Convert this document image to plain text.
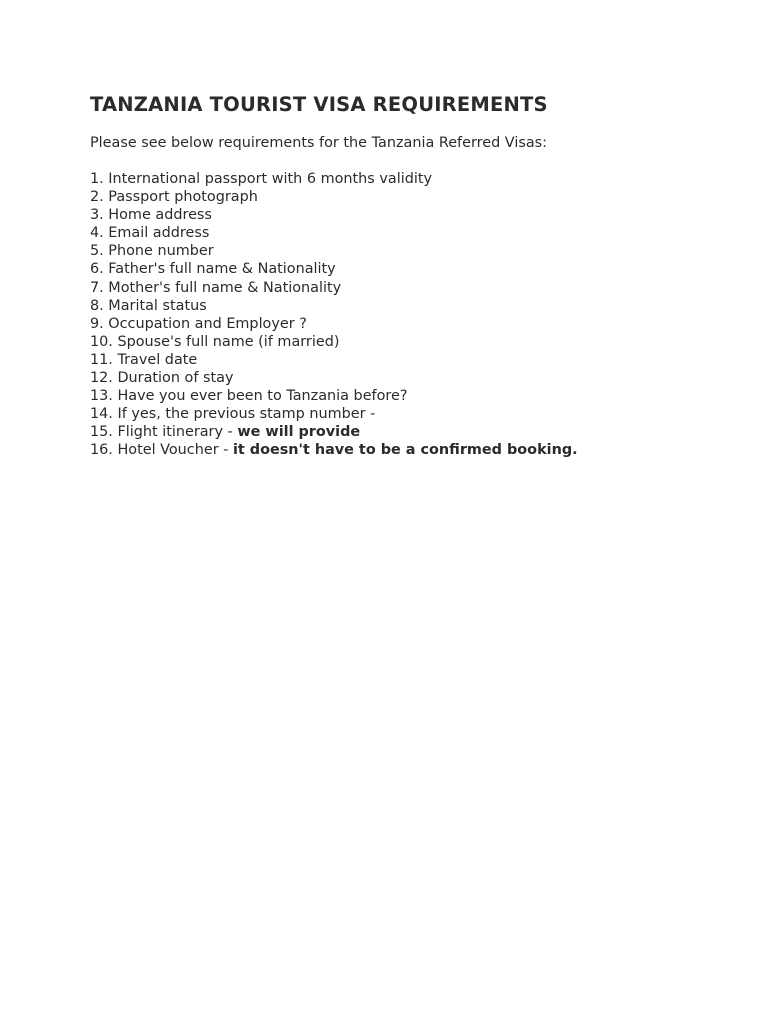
TANZANIA TOURIST VISA REQUIREMENTS

Please see below requirements for the Tanzania Referred Visas:

1. International passport with 6 months validity
2. Passport photograph
3. Home address
4. Email address
5. Phone number
6. Father's full name & Nationality
7. Mother's full name & Nationality
8. Marital status
9. Occupation and Employer ?
10. Spouse's full name (if married)
11. Travel date
12. Duration of stay
13. Have you ever been to Tanzania before?
14. If yes, the previous stamp number -
15. Flight itinerary - we will provide
16. Hotel Voucher - it doesn't have to be a confirmed booking.
